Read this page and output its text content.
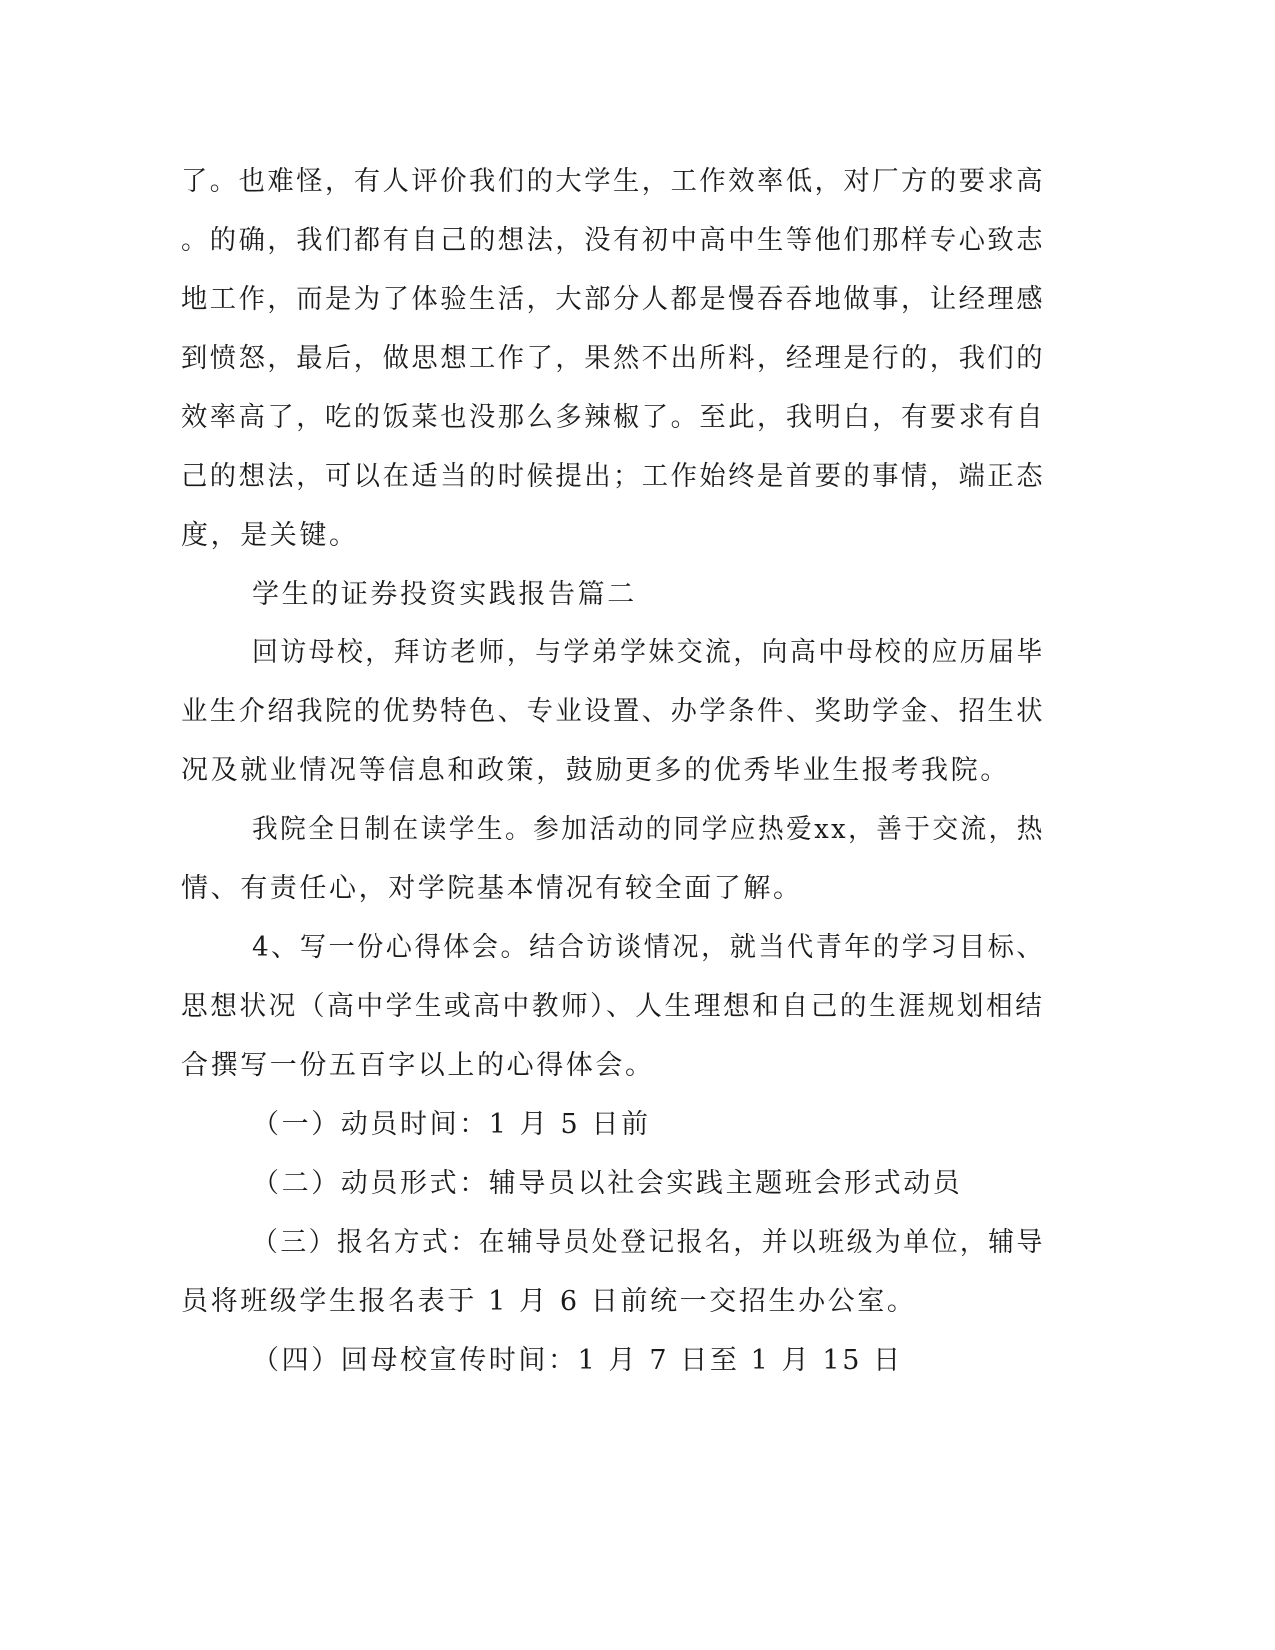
了。也难怪，有人评价我们的大学生，工作效率低，对厂方的要求高
。的确，我们都有自己的想法，没有初中高中生等他们那样专心致志
地工作，而是为了体验生活，大部分人都是慢吞吞地做事，让经理感
到愤怒，最后，做思想工作了，果然不出所料，经理是行的，我们的
效率高了，吃的饭菜也没那么多辣椒了。至此，我明白，有要求有自
己的想法，可以在适当的时候提出；工作始终是首要的事情，端正态
度，是关键。
学生的证券投资实践报告篇二
回访母校，拜访老师，与学弟学妹交流，向高中母校的应历届毕
业生介绍我院的优势特色、专业设置、办学条件、奖助学金、招生状
况及就业情况等信息和政策，鼓励更多的优秀毕业生报考我院。
我院全日制在读学生。参加活动的同学应热爱xx，善于交流，热
情、有责任心，对学院基本情况有较全面了解。
4、写一份心得体会。结合访谈情况，就当代青年的学习目标、
思想状况（高中学生或高中教师）、人生理想和自己的生涯规划相结
合撰写一份五百字以上的心得体会。
（一）动员时间：1 月 5 日前
（二）动员形式：辅导员以社会实践主题班会形式动员
（三）报名方式：在辅导员处登记报名，并以班级为单位，辅导
员将班级学生报名表于 1 月 6 日前统一交招生办公室。
（四）回母校宣传时间：1 月 7 日至 1 月 15 日
